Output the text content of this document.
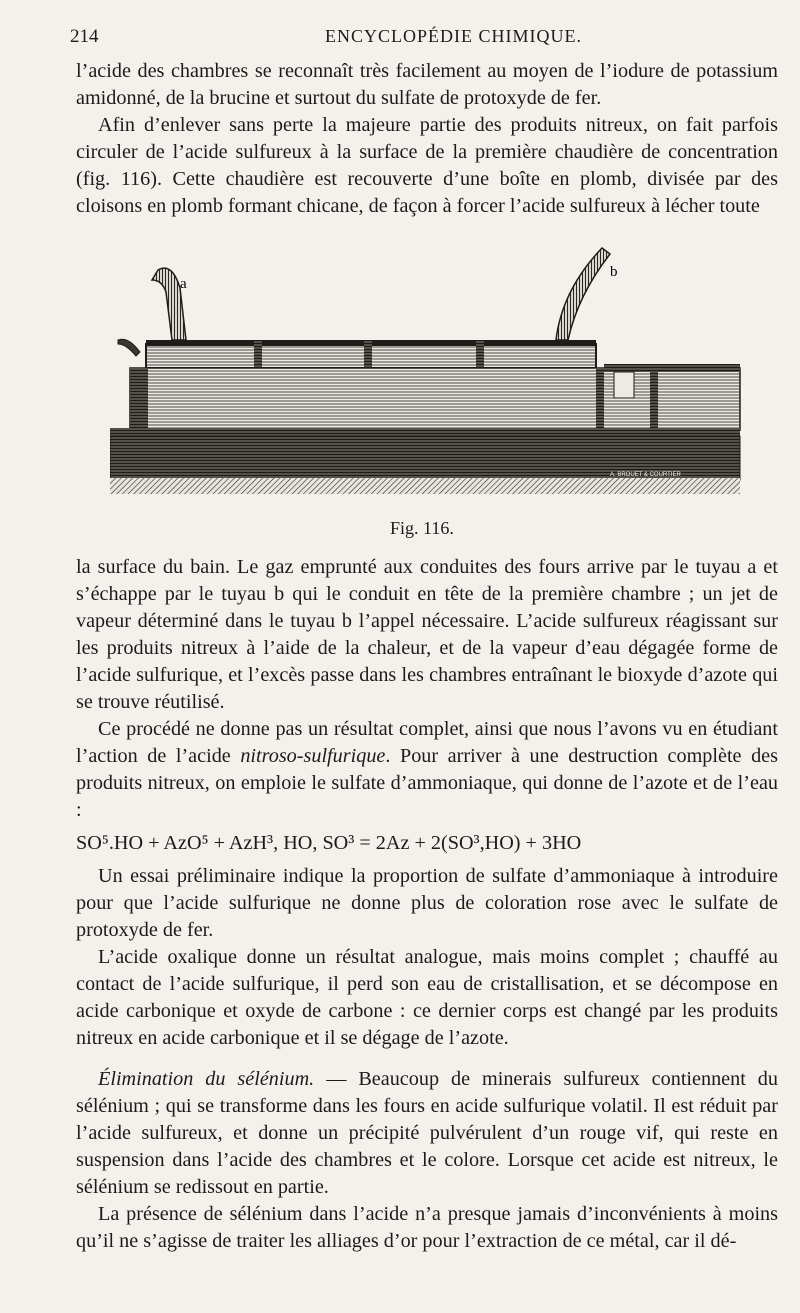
214	ENCYCLOPÉDIE CHIMIQUE.

l’acide des chambres se reconnaît très facilement au moyen de l’iodure de potassium amidonné, de la brucine et surtout du sulfate de protoxyde de fer.

Afin d’enlever sans perte la majeure partie des produits nitreux, on fait parfois circuler de l’acide sulfureux à la surface de la première chaudière de concentration (fig. 116). Cette chaudière est recouverte d’une boîte en plomb, divisée par des cloisons en plomb formant chicane, de façon à forcer l’acide sulfureux à lécher toute

a
b
A. BROUET & COURTIER
Fig. 116.

la surface du bain. Le gaz emprunté aux conduites des fours arrive par le tuyau a et s’échappe par le tuyau b qui le conduit en tête de la première chambre ; un jet de vapeur déterminé dans le tuyau b l’appel nécessaire. L’acide sulfureux réagissant sur les produits nitreux à l’aide de la chaleur, et de la vapeur d’eau dégagée forme de l’acide sulfurique, et l’excès passe dans les chambres entraînant le bioxyde d’azote qui se trouve réutilisé.

Ce procédé ne donne pas un résultat complet, ainsi que nous l’avons vu en étudiant l’action de l’acide nitroso-sulfurique. Pour arriver à une destruction complète des produits nitreux, on emploie le sulfate d’ammoniaque, qui donne de l’azote et de l’eau :

SO⁵.HO + AzO⁵ + AzH³, HO, SO³ = 2Az + 2(SO³,HO) + 3HO

Un essai préliminaire indique la proportion de sulfate d’ammoniaque à introduire pour que l’acide sulfurique ne donne plus de coloration rose avec le sulfate de protoxyde de fer.

L’acide oxalique donne un résultat analogue, mais moins complet ; chauffé au contact de l’acide sulfurique, il perd son eau de cristallisation, et se décompose en acide carbonique et oxyde de carbone : ce dernier corps est changé par les produits nitreux en acide carbonique et il se dégage de l’azote.

Élimination du sélénium. — Beaucoup de minerais sulfureux contiennent du sélénium ; qui se transforme dans les fours en acide sulfurique volatil. Il est réduit par l’acide sulfureux, et donne un précipité pulvérulent d’un rouge vif, qui reste en suspension dans l’acide des chambres et le colore. Lorsque cet acide est nitreux, le sélénium se redissout en partie.

La présence de sélénium dans l’acide n’a presque jamais d’inconvénients à moins qu’il ne s’agisse de traiter les alliages d’or pour l’extraction de ce métal, car il dé-
